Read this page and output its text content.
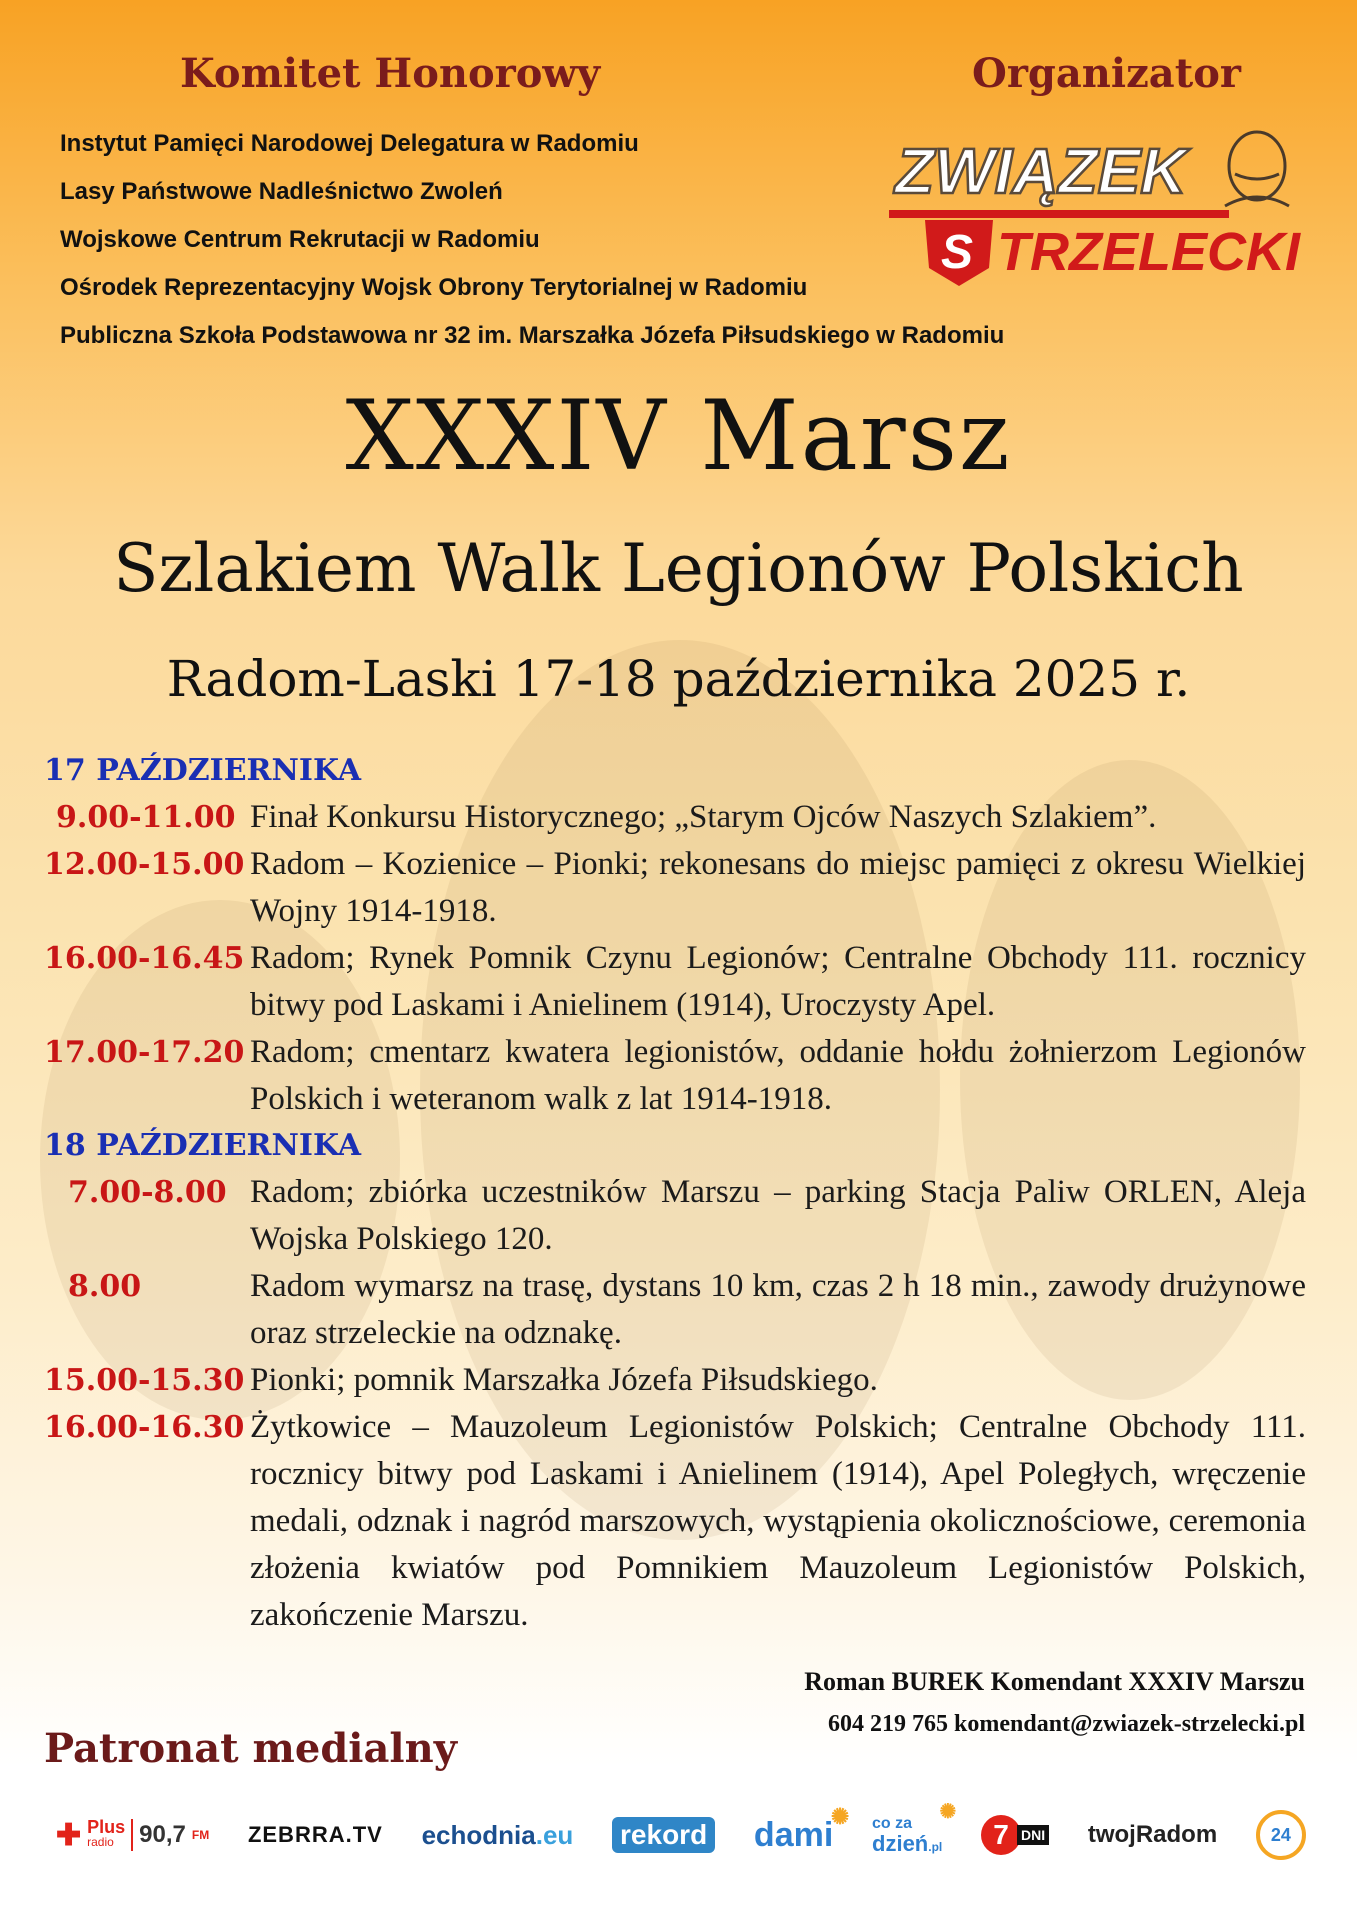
Komitet Honorowy	Organizator
Instytut Pamięci Narodowej Delegatura w Radomiu
Lasy Państwowe Nadleśnictwo Zwoleń
Wojskowe Centrum Rekrutacji w Radomiu
Ośrodek Reprezentacyjny Wojsk Obrony Terytorialnej w Radomiu
Publiczna Szkoła Podstawowa nr 32 im. Marszałka Józefa Piłsudskiego w Radomiu
ZWIĄZEK
S TRZELECKI
XXXIV Marsz
Szlakiem Walk Legionów Polskich
Radom-Laski 17-18 października 2025 r.
17 PAŹDZIERNIKA
9.00-11.00 Finał Konkursu Historycznego; „Starym Ojców Naszych Szlakiem”.
12.00-15.00 Radom – Kozienice – Pionki; rekonesans do miejsc pamięci z okresu Wielkiej Wojny 1914-1918.
16.00-16.45 Radom; Rynek Pomnik Czynu Legionów; Centralne Obchody 111. rocznicy bitwy pod Laskami i Anielinem (1914), Uroczysty Apel.
17.00-17.20 Radom; cmentarz kwatera legionistów, oddanie hołdu żołnierzom Legionów Polskich i weteranom walk z lat 1914-1918.
18 PAŹDZIERNIKA
7.00-8.00 Radom; zbiórka uczestników Marszu – parking Stacja Paliw ORLEN, Aleja Wojska Polskiego 120.
8.00	Radom wymarsz na trasę, dystans 10 km, czas 2 h 18 min., zawody drużynowe oraz strzeleckie na odznakę.
15.00-15.30 Pionki; pomnik Marszałka Józefa Piłsudskiego.
16.00-16.30 Żytkowice – Mauzoleum Legionistów Polskich; Centralne Obchody 111. rocznicy bitwy pod Laskami i Anielinem (1914), Apel Poległych, wręczenie medali, odznak i nagród marszowych, wystąpienia okolicznościowe, ceremonia złożenia kwiatów pod Pomnikiem Mauzoleum Legionistów Polskich, zakończenie Marszu.
Roman BUREK Komendant XXXIV Marszu
604 219 765 komendant@zwiazek-strzelecki.pl
Patronat medialny
✚ Plus
radio	90,7 FM ZEBRRA.TV echodnia.eu rekord dami
✺ co za
dzień.pl
✺
7 DNI twojRadom	24
